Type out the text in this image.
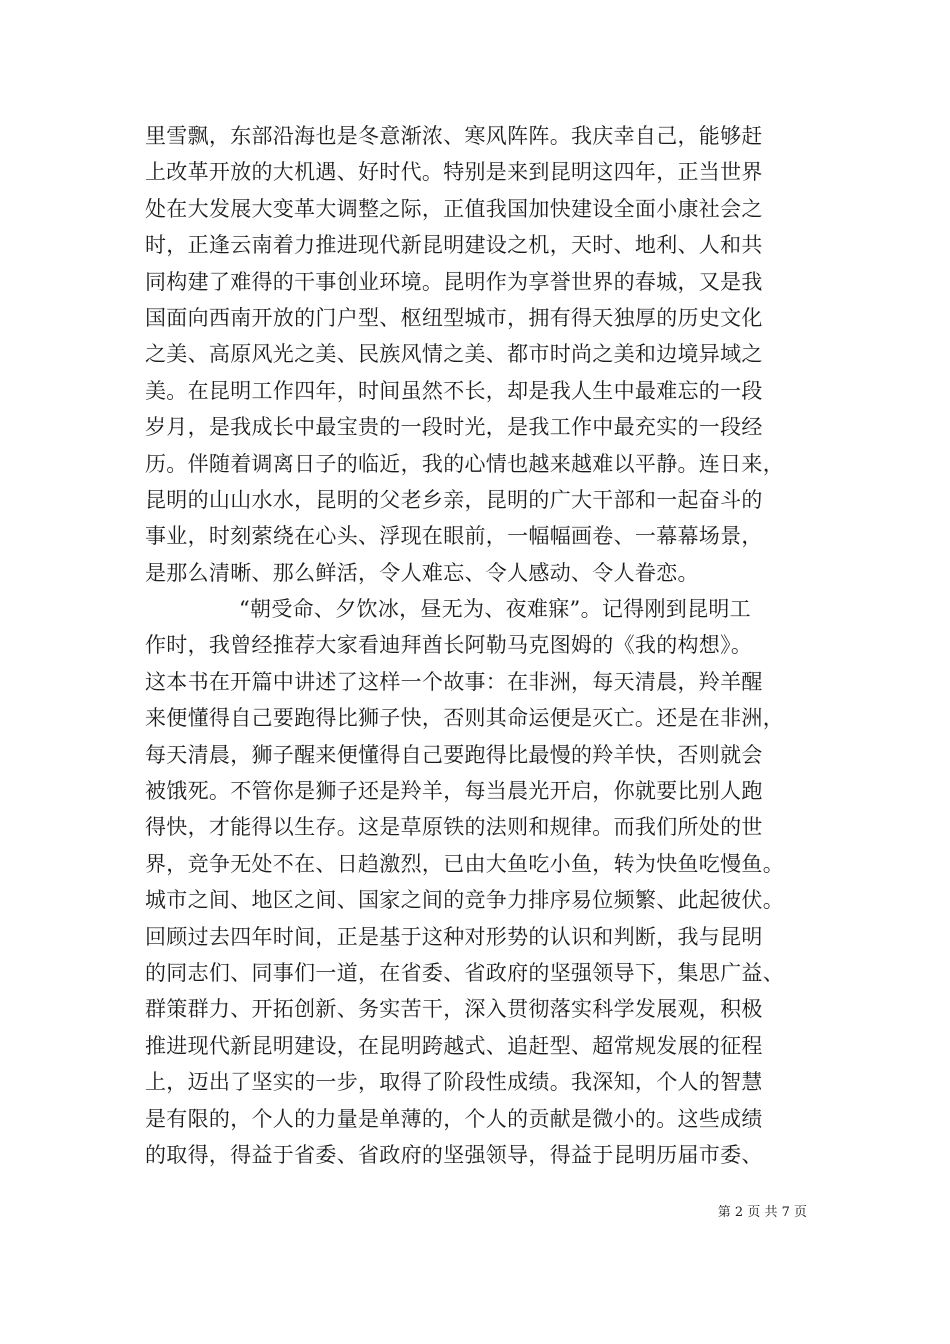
里雪飘，东部沿海也是冬意渐浓、寒风阵阵。我庆幸自己，能够赶
上改革开放的大机遇、好时代。特别是来到昆明这四年，正当世界
处在大发展大变革大调整之际，正值我国加快建设全面小康社会之
时，正逢云南着力推进现代新昆明建设之机，天时、地利、人和共
同构建了难得的干事创业环境。昆明作为享誉世界的春城，又是我
国面向西南开放的门户型、枢纽型城市，拥有得天独厚的历史文化
之美、高原风光之美、民族风情之美、都市时尚之美和边境异域之
美。在昆明工作四年，时间虽然不长，却是我人生中最难忘的一段
岁月，是我成长中最宝贵的一段时光，是我工作中最充实的一段经
历。伴随着调离日子的临近，我的心情也越来越难以平静。连日来，
昆明的山山水水，昆明的父老乡亲，昆明的广大干部和一起奋斗的
事业，时刻萦绕在心头、浮现在眼前，一幅幅画卷、一幕幕场景，
是那么清晰、那么鲜活，令人难忘、令人感动、令人眷恋。
“朝受命、夕饮冰，昼无为、夜难寐”。记得刚到昆明工
作时，我曾经推荐大家看迪拜酋长阿勒马克图姆的《我的构想》。
这本书在开篇中讲述了这样一个故事：在非洲，每天清晨，羚羊醒
来便懂得自己要跑得比狮子快，否则其命运便是灭亡。还是在非洲，
每天清晨，狮子醒来便懂得自己要跑得比最慢的羚羊快，否则就会
被饿死。不管你是狮子还是羚羊，每当晨光开启，你就要比别人跑
得快，才能得以生存。这是草原铁的法则和规律。而我们所处的世
界，竞争无处不在、日趋激烈，已由大鱼吃小鱼，转为快鱼吃慢鱼。
城市之间、地区之间、国家之间的竞争力排序易位频繁、此起彼伏。
回顾过去四年时间，正是基于这种对形势的认识和判断，我与昆明
的同志们、同事们一道，在省委、省政府的坚强领导下，集思广益、
群策群力、开拓创新、务实苦干，深入贯彻落实科学发展观，积极
推进现代新昆明建设，在昆明跨越式、追赶型、超常规发展的征程
上，迈出了坚实的一步，取得了阶段性成绩。我深知，个人的智慧
是有限的，个人的力量是单薄的，个人的贡献是微小的。这些成绩
的取得，得益于省委、省政府的坚强领导，得益于昆明历届市委、
第 2 页 共 7 页
